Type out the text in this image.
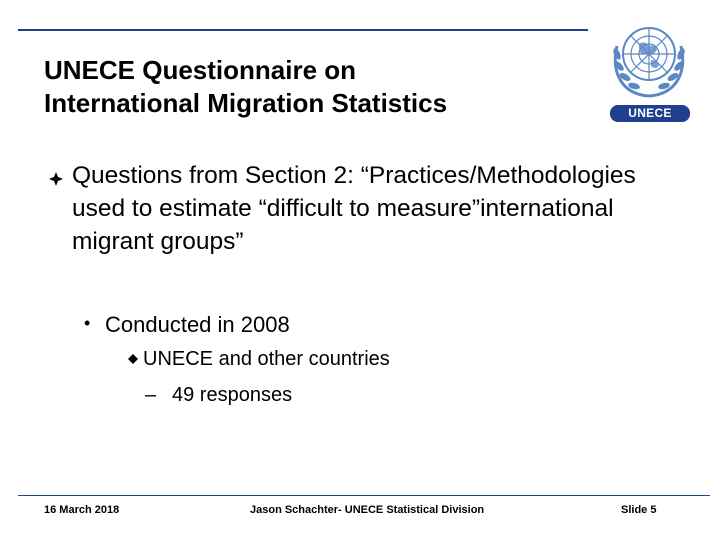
UNECE Questionnaire on
International Migration Statistics	UNECE
Questions from Section 2: “Practices/Methodologies used to estimate “difficult to measure”international migrant groups”
• Conducted in 2008
UNECE and other countries
– 49 responses
16 March 2018	Jason Schachter- UNECE Statistical Division	Slide 5
